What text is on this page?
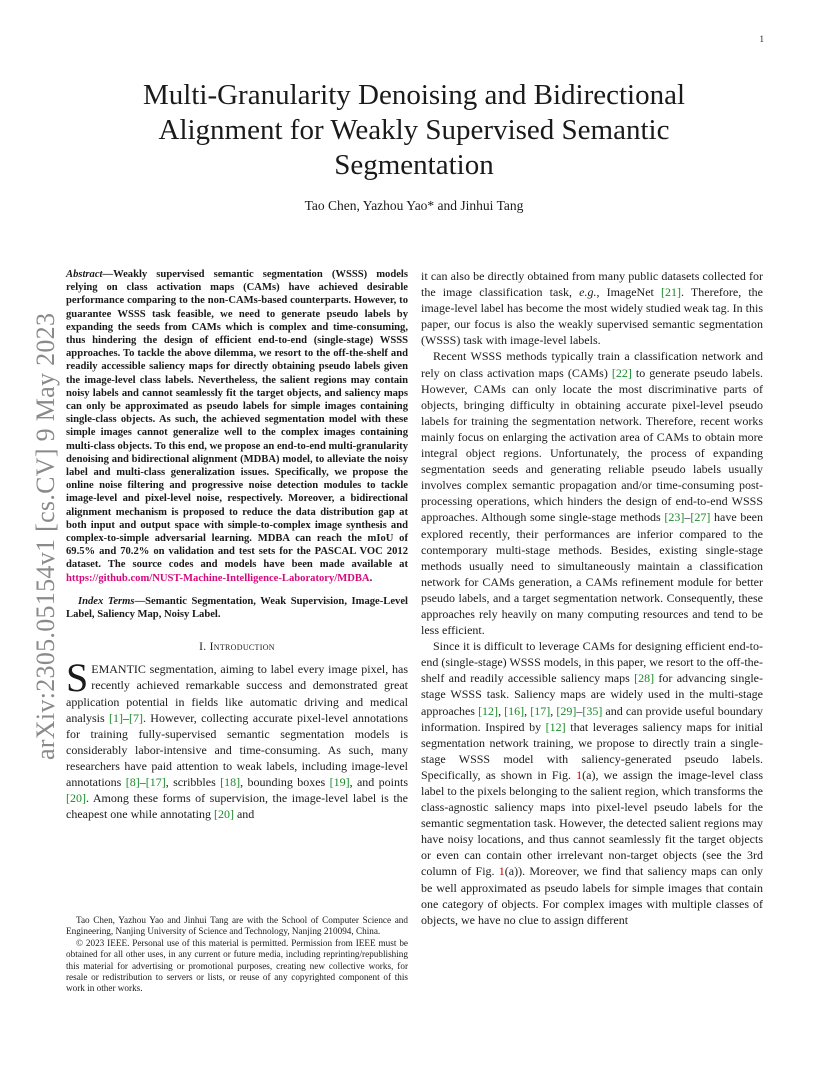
1
arXiv:2305.05154v1 [cs.CV] 9 May 2023
Multi-Granularity Denoising and Bidirectional Alignment for Weakly Supervised Semantic Segmentation
Tao Chen, Yazhou Yao* and Jinhui Tang

Abstract—Weakly supervised semantic segmentation (WSSS) models relying on class activation maps (CAMs) have achieved desirable performance comparing to the non-CAMs-based counterparts. However, to guarantee WSSS task feasible, we need to generate pseudo labels by expanding the seeds from CAMs which is complex and time-consuming, thus hindering the design of efficient end-to-end (single-stage) WSSS approaches. To tackle the above dilemma, we resort to the off-the-shelf and readily accessible saliency maps for directly obtaining pseudo labels given the image-level class labels. Nevertheless, the salient regions may contain noisy labels and cannot seamlessly fit the target objects, and saliency maps can only be approximated as pseudo labels for simple images containing single-class objects. As such, the achieved segmentation model with these simple images cannot generalize well to the complex images containing multi-class objects. To this end, we propose an end-to-end multi-granularity denoising and bidirectional alignment (MDBA) model, to alleviate the noisy label and multi-class generalization issues. Specifically, we propose the online noise filtering and progressive noise detection modules to tackle image-level and pixel-level noise, respectively. Moreover, a bidirectional alignment mechanism is proposed to reduce the data distribution gap at both input and output space with simple-to-complex image synthesis and complex-to-simple adversarial learning. MDBA can reach the mIoU of 69.5% and 70.2% on validation and test sets for the PASCAL VOC 2012 dataset. The source codes and models have been made available at https://github.com/NUST-Machine-Intelligence-Laboratory/MDBA.

Index Terms—Semantic Segmentation, Weak Supervision, Image-Level Label, Saliency Map, Noisy Label.

I. Introduction

SEMANTIC segmentation, aiming to label every image pixel, has recently achieved remarkable success and demonstrated great application potential in fields like automatic driving and medical analysis [1]–[7]. However, collecting accurate pixel-level annotations for training fully-supervised semantic segmentation models is considerably labor-intensive and time-consuming. As such, many researchers have paid attention to weak labels, including image-level annotations [8]–[17], scribbles [18], bounding boxes [19], and points [20]. Among these forms of supervision, the image-level label is the cheapest one while annotating [20] and

Tao Chen, Yazhou Yao and Jinhui Tang are with the School of Computer Science and Engineering, Nanjing University of Science and Technology, Nanjing 210094, China.

© 2023 IEEE. Personal use of this material is permitted. Permission from IEEE must be obtained for all other uses, in any current or future media, including reprinting/republishing this material for advertising or promotional purposes, creating new collective works, for resale or redistribution to servers or lists, or reuse of any copyrighted component of this work in other works.

it can also be directly obtained from many public datasets collected for the image classification task, e.g., ImageNet [21]. Therefore, the image-level label has become the most widely studied weak tag. In this paper, our focus is also the weakly supervised semantic segmentation (WSSS) task with image-level labels.

Recent WSSS methods typically train a classification network and rely on class activation maps (CAMs) [22] to generate pseudo labels. However, CAMs can only locate the most discriminative parts of objects, bringing difficulty in obtaining accurate pixel-level pseudo labels for training the segmentation network. Therefore, recent works mainly focus on enlarging the activation area of CAMs to obtain more integral object regions. Unfortunately, the process of expanding segmentation seeds and generating reliable pseudo labels usually involves complex semantic propagation and/or time-consuming post-processing operations, which hinders the design of end-to-end WSSS approaches. Although some single-stage methods [23]–[27] have been explored recently, their performances are inferior compared to the contemporary multi-stage methods. Besides, existing single-stage methods usually need to simultaneously maintain a classification network for CAMs generation, a CAMs refinement module for better pseudo labels, and a target segmentation network. Consequently, these approaches rely heavily on many computing resources and tend to be less efficient.

Since it is difficult to leverage CAMs for designing efficient end-to-end (single-stage) WSSS models, in this paper, we resort to the off-the-shelf and readily accessible saliency maps [28] for advancing single-stage WSSS task. Saliency maps are widely used in the multi-stage approaches [12], [16], [17], [29]–[35] and can provide useful boundary information. Inspired by [12] that leverages saliency maps for initial segmentation network training, we propose to directly train a single-stage WSSS model with saliency-generated pseudo labels. Specifically, as shown in Fig. 1(a), we assign the image-level class label to the pixels belonging to the salient region, which transforms the class-agnostic saliency maps into pixel-level pseudo labels for the semantic segmentation task. However, the detected salient regions may have noisy locations, and thus cannot seamlessly fit the target objects or even can contain other irrelevant non-target objects (see the 3rd column of Fig. 1(a)). Moreover, we find that saliency maps can only be well approximated as pseudo labels for simple images that contain one category of objects. For complex images with multiple classes of objects, we have no clue to assign different
